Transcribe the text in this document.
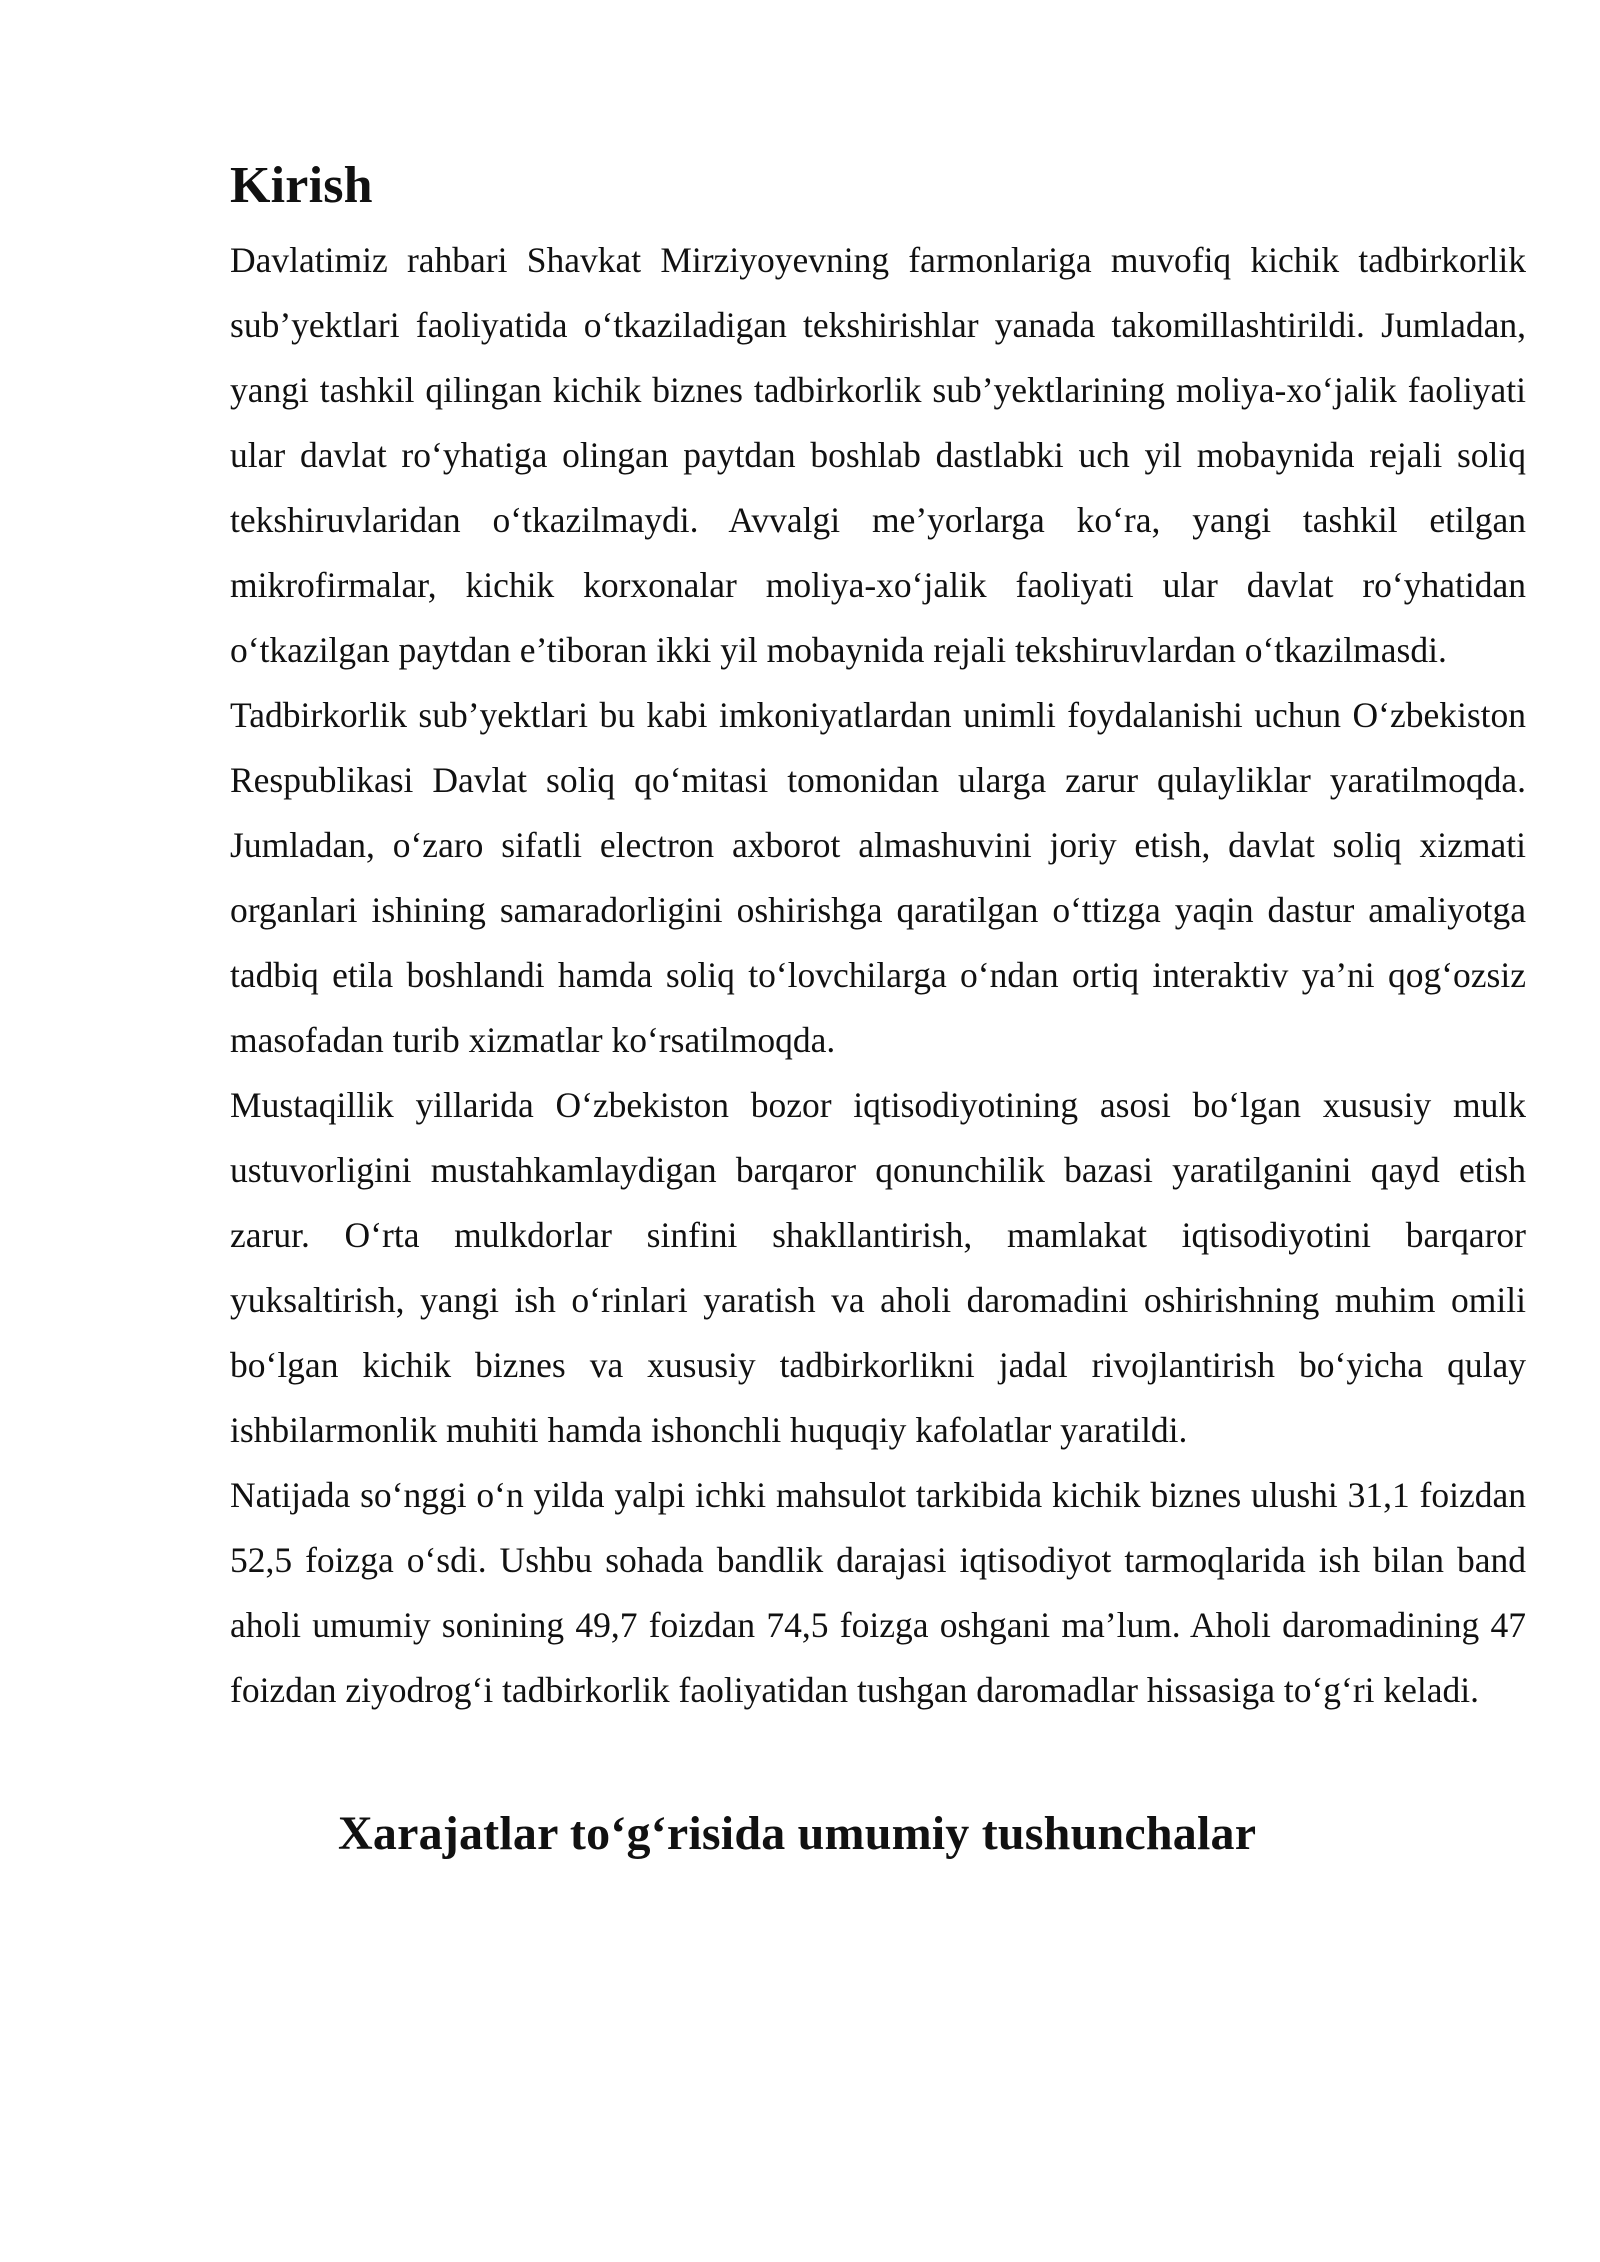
Kirish

Davlatimiz rahbari Shavkat Mirziyoyevning farmonlariga muvofiq kichik tadbirkorlik sub’yektlari faoliyatida o‘tkaziladigan tekshirishlar yanada takomillashtirildi. Jumladan, yangi tashkil qilingan kichik biznes tadbirkorlik sub’yektlarining moliya-xo‘jalik faoliyati ular davlat ro‘yhatiga olingan paytdan boshlab dastlabki uch yil mobaynida rejali soliq tekshiruvlaridan o‘tkazilmaydi. Avvalgi me’yorlarga ko‘ra, yangi tashkil etilgan mikrofirmalar, kichik korxonalar moliya-xo‘jalik faoliyati ular davlat ro‘yhatidan o‘tkazilgan paytdan e’tiboran ikki yil mobaynida rejali tekshiruvlardan o‘tkazilmasdi.

Tadbirkorlik sub’yektlari bu kabi imkoniyatlardan unimli foydalanishi uchun O‘zbekiston Respublikasi Davlat soliq qo‘mitasi tomonidan ularga zarur qulayliklar yaratilmoqda. Jumladan, o‘zaro sifatli electron axborot almashuvini joriy etish, davlat soliq xizmati organlari ishining samaradorligini oshirishga qaratilgan o‘ttizga yaqin dastur amaliyotga tadbiq etila boshlandi hamda soliq to‘lovchilarga o‘ndan ortiq interaktiv ya’ni qog‘ozsiz masofadan turib xizmatlar ko‘rsatilmoqda.

Mustaqillik yillarida O‘zbekiston bozor iqtisodiyotining asosi bo‘lgan xususiy mulk ustuvorligini mustahkamlaydigan barqaror qonunchilik bazasi yaratilganini qayd etish zarur. O‘rta mulkdorlar sinfini shakllantirish, mamlakat iqtisodiyotini barqaror yuksaltirish, yangi ish o‘rinlari yaratish va aholi daromadini oshirishning muhim omili bo‘lgan kichik biznes va xususiy tadbirkorlikni jadal rivojlantirish bo‘yicha qulay ishbilarmonlik muhiti hamda ishonchli huquqiy kafolatlar yaratildi.

Natijada so‘nggi o‘n yilda yalpi ichki mahsulot tarkibida kichik biznes ulushi 31,1 foizdan 52,5 foizga o‘sdi. Ushbu sohada bandlik darajasi iqtisodiyot tarmoqlarida ish bilan band aholi umumiy sonining 49,7 foizdan 74,5 foizga oshgani ma’lum. Aholi daromadining 47 foizdan ziyodrog‘i tadbirkorlik faoliyatidan tushgan daromadlar hissasiga to‘g‘ri keladi.

Xarajatlar to‘g‘risida umumiy tushunchalar
